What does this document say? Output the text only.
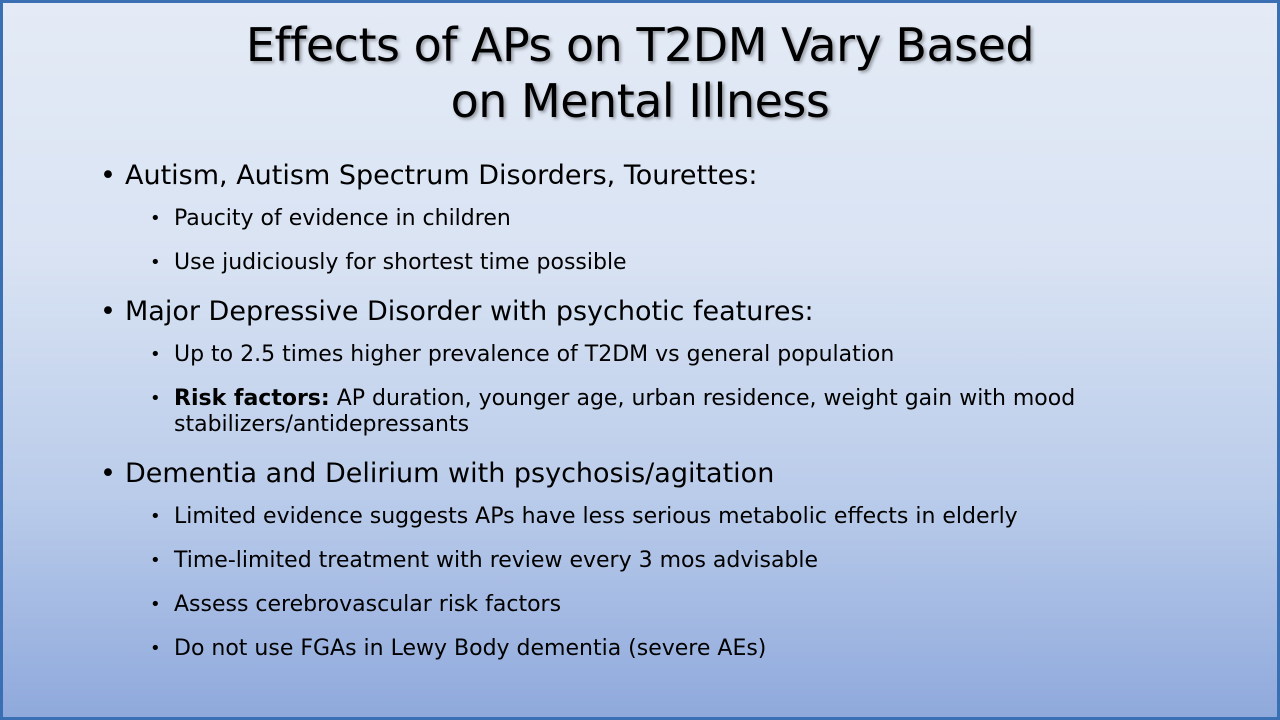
Effects of APs on T2DM Vary Based
on Mental Illness
• Autism, Autism Spectrum Disorders, Tourettes:
• Paucity of evidence in children
• Use judiciously for shortest time possible
• Major Depressive Disorder with psychotic features:
• Up to 2.5 times higher prevalence of T2DM vs general population
• Risk factors: AP duration, younger age, urban residence, weight gain with mood stabilizers/antidepressants
• Dementia and Delirium with psychosis/agitation
• Limited evidence suggests APs have less serious metabolic effects in elderly
• Time-limited treatment with review every 3 mos advisable
• Assess cerebrovascular risk factors
• Do not use FGAs in Lewy Body dementia (severe AEs)
